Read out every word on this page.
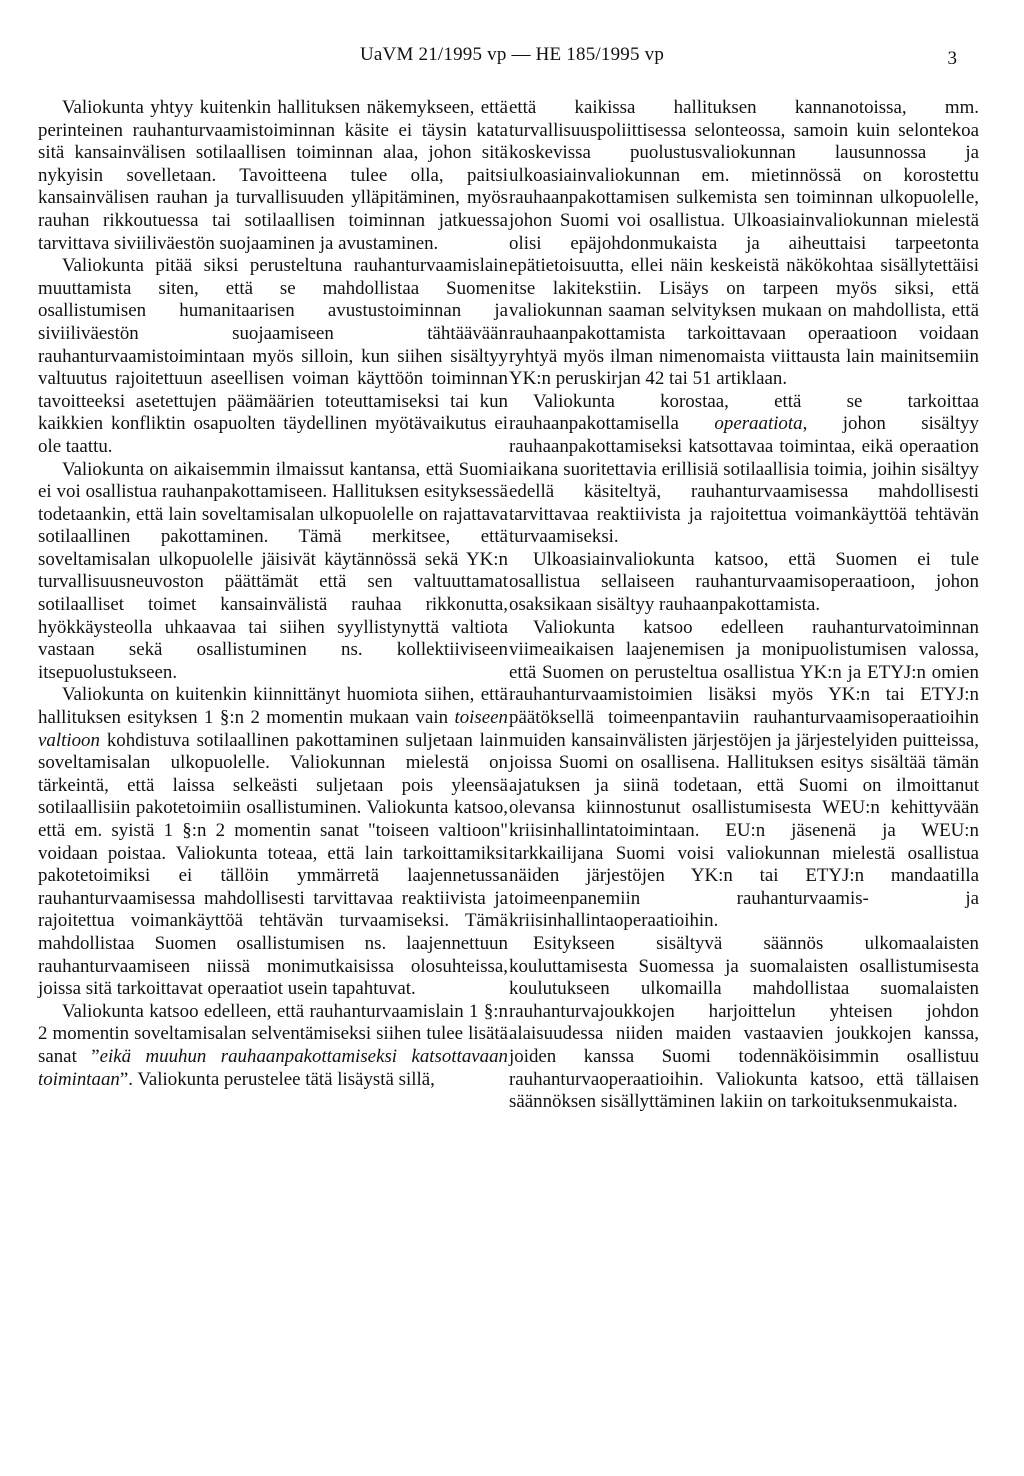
UaVM 21/1995 vp — HE 185/1995 vp	3

Valiokunta yhtyy kuitenkin hallituksen näkemykseen, että perinteinen rauhanturvaamistoiminnan käsite ei täysin kata sitä kansainvälisen sotilaallisen toiminnan alaa, johon sitä nykyisin sovelletaan. Tavoitteena tulee olla, paitsi kansainvälisen rauhan ja turvallisuuden ylläpitäminen, myös rauhan rikkoutuessa tai sotilaallisen toiminnan jatkuessa tarvittava siviiliväestön suojaaminen ja avustaminen.

Valiokunta pitää siksi perusteltuna rauhanturvaamislain muuttamista siten, että se mahdollistaa Suomen osallistumisen humanitaarisen avustustoiminnan ja siviiliväestön suojaamiseen tähtäävään rauhanturvaamistoimintaan myös silloin, kun siihen sisältyy valtuutus rajoitettuun aseellisen voiman käyttöön toiminnan tavoitteeksi asetettujen päämäärien toteuttamiseksi tai kun kaikkien konfliktin osapuolten täydellinen myötävaikutus ei ole taattu.

Valiokunta on aikaisemmin ilmaissut kantansa, että Suomi ei voi osallistua rauhanpakottamiseen. Hallituksen esityksessä todetaankin, että lain soveltamisalan ulkopuolelle on rajattava sotilaallinen pakottaminen. Tämä merkitsee, että soveltamisalan ulkopuolelle jäisivät käytännössä sekä YK:n turvallisuusneuvoston päättämät että sen valtuuttamat sotilaalliset toimet kansainvälistä rauhaa rikkonutta, hyökkäysteolla uhkaavaa tai siihen syyllistynyttä valtiota vastaan sekä osallistuminen ns. kollektiiviseen itsepuolustukseen.

Valiokunta on kuitenkin kiinnittänyt huomiota siihen, että hallituksen esityksen 1 §:n 2 momentin mukaan vain toiseen valtioon kohdistuva sotilaallinen pakottaminen suljetaan lain soveltamisalan ulkopuolelle. Valiokunnan mielestä on tärkeintä, että laissa selkeästi suljetaan pois yleensä sotilaallisiin pakotetoimiin osallistuminen. Valiokunta katsoo, että em. syistä 1 §:n 2 momentin sanat "toiseen valtioon" voidaan poistaa. Valiokunta toteaa, että lain tarkoittamiksi pakotetoimiksi ei tällöin ymmärretä laajennetussa rauhanturvaamisessa mahdollisesti tarvittavaa reaktiivista ja rajoitettua voimankäyttöä tehtävän turvaamiseksi. Tämä mahdollistaa Suomen osallistumisen ns. laajennettuun rauhanturvaamiseen niissä monimutkaisissa olosuhteissa, joissa sitä tarkoittavat operaatiot usein tapahtuvat.

Valiokunta katsoo edelleen, että rauhanturvaamislain 1 §:n 2 momentin soveltamisalan selventämiseksi siihen tulee lisätä sanat ”eikä muuhun rauhaanpakottamiseksi katsottavaan toimintaan”. Valiokunta perustelee tätä lisäystä sillä,

että kaikissa hallituksen kannanotoissa, mm. turvallisuuspoliittisessa selonteossa, samoin kuin selontekoa koskevissa puolustusvaliokunnan lausunnossa ja ulkoasiainvaliokunnan em. mietinnössä on korostettu rauhaanpakottamisen sulkemista sen toiminnan ulkopuolelle, johon Suomi voi osallistua. Ulkoasiainvaliokunnan mielestä olisi epäjohdonmukaista ja aiheuttaisi tarpeetonta epätietoisuutta, ellei näin keskeistä näkökohtaa sisällytettäisi itse lakitekstiin. Lisäys on tarpeen myös siksi, että valiokunnan saaman selvityksen mukaan on mahdollista, että rauhaanpakottamista tarkoittavaan operaatioon voidaan ryhtyä myös ilman nimenomaista viittausta lain mainitsemiin YK:n peruskirjan 42 tai 51 artiklaan.

Valiokunta korostaa, että se tarkoittaa rauhaanpakottamisella operaatiota, johon sisältyy rauhaanpakottamiseksi katsottavaa toimintaa, eikä operaation aikana suoritettavia erillisiä sotilaallisia toimia, joihin sisältyy edellä käsiteltyä, rauhanturvaamisessa mahdollisesti tarvittavaa reaktiivista ja rajoitettua voimankäyttöä tehtävän turvaamiseksi.

Ulkoasiainvaliokunta katsoo, että Suomen ei tule osallistua sellaiseen rauhanturvaamisoperaatioon, johon osaksikaan sisältyy rauhaanpakottamista.

Valiokunta katsoo edelleen rauhanturvatoiminnan viimeaikaisen laajenemisen ja monipuolistumisen valossa, että Suomen on perusteltua osallistua YK:n ja ETYJ:n omien rauhanturvaamistoimien lisäksi myös YK:n tai ETYJ:n päätöksellä toimeenpantaviin rauhanturvaamisoperaatioihin muiden kansainvälisten järjestöjen ja järjestelyiden puitteissa, joissa Suomi on osallisena. Hallituksen esitys sisältää tämän ajatuksen ja siinä todetaan, että Suomi on ilmoittanut olevansa kiinnostunut osallistumisesta WEU:n kehittyvään kriisinhallintatoimintaan. EU:n jäsenenä ja WEU:n tarkkailijana Suomi voisi valiokunnan mielestä osallistua näiden järjestöjen YK:n tai ETYJ:n mandaatilla toimeenpanemiin rauhanturvaamis- ja kriisinhallintaoperaatioihin.

Esitykseen sisältyvä säännös ulkomaalaisten kouluttamisesta Suomessa ja suomalaisten osallistumisesta koulutukseen ulkomailla mahdollistaa suomalaisten rauhanturvajoukkojen harjoittelun yhteisen johdon alaisuudessa niiden maiden vastaavien joukkojen kanssa, joiden kanssa Suomi todennäköisimmin osallistuu rauhanturvaoperaatioihin. Valiokunta katsoo, että tällaisen säännöksen sisällyttäminen lakiin on tarkoituksenmukaista.
